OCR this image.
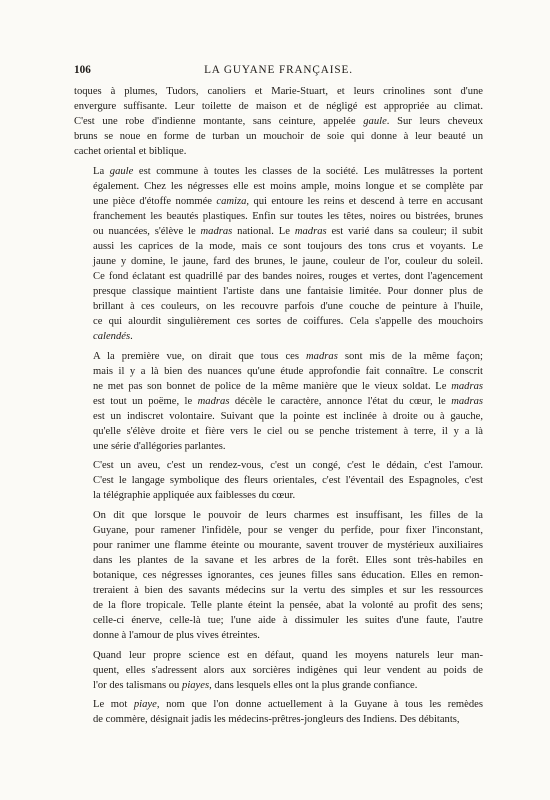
106	LA GUYANE FRANÇAISE.
toques à plumes, Tudors, canoliers et Marie-Stuart, et leurs crinolines sont d'une
envergure suffisante. Leur toilette de maison et de négligé est appropriée au climat.
C'est une robe d'indienne montante, sans ceinture, appelée gaule. Sur leurs cheveux
bruns se noue en forme de turban un mouchoir de soie qui donne à leur beauté un
cachet oriental et biblique.
La gaule est commune à toutes les classes de la société. Les mulâtresses la portent
également. Chez les négresses elle est moins ample, moins longue et se complète par
une pièce d'étoffe nommée camiza, qui entoure les reins et descend à terre en accusant
franchement les beautés plastiques. Enfin sur toutes les têtes, noires ou bistrées, brunes
ou nuancées, s'élève le madras national. Le madras est varié dans sa couleur; il subit
aussi les caprices de la mode, mais ce sont toujours des tons crus et voyants. Le
jaune y domine, le jaune, fard des brunes, le jaune, couleur de l'or, couleur du soleil.
Ce fond éclatant est quadrillé par des bandes noires, rouges et vertes, dont l'agencement
presque classique maintient l'artiste dans une fantaisie limitée. Pour donner plus de
brillant à ces couleurs, on les recouvre parfois d'une couche de peinture à l'huile,
ce qui alourdit singulièrement ces sortes de coiffures. Cela s'appelle des mouchoirs
calendés.
A la première vue, on dirait que tous ces madras sont mis de la même façon;
mais il y a là bien des nuances qu'une étude approfondie fait connaître. Le conscrit
ne met pas son bonnet de police de la même manière que le vieux soldat. Le madras
est tout un poëme, le madras décèle le caractère, annonce l'état du cœur, le madras
est un indiscret volontaire. Suivant que la pointe est inclinée à droite ou à gauche,
qu'elle s'élève droite et fière vers le ciel ou se penche tristement à terre, il y a là
une série d'allégories parlantes.
C'est un aveu, c'est un rendez-vous, c'est un congé, c'est le dédain, c'est l'amour.
C'est le langage symbolique des fleurs orientales, c'est l'éventail des Espagnoles, c'est
la télégraphie appliquée aux faiblesses du cœur.
On dit que lorsque le pouvoir de leurs charmes est insuffisant, les filles de la
Guyane, pour ramener l'infidèle, pour se venger du perfide, pour fixer l'inconstant,
pour ranimer une flamme éteinte ou mourante, savent trouver de mystérieux auxiliaires
dans les plantes de la savane et les arbres de la forêt. Elles sont très-habiles en
botanique, ces négresses ignorantes, ces jeunes filles sans éducation. Elles en remon-
treraient à bien des savants médecins sur la vertu des simples et sur les ressources
de la flore tropicale. Telle plante éteint la pensée, abat la volonté au profit des sens;
celle-ci énerve, celle-là tue; l'une aide à dissimuler les suites d'une faute, l'autre
donne à l'amour de plus vives étreintes.
Quand leur propre science est en défaut, quand les moyens naturels leur man-
quent, elles s'adressent alors aux sorcières indigènes qui leur vendent au poids de
l'or des talismans ou piayes, dans lesquels elles ont la plus grande confiance.
Le mot piaye, nom que l'on donne actuellement à la Guyane à tous les remèdes
de commère, désignait jadis les médecins-prêtres-jongleurs des Indiens. Des débitants,
